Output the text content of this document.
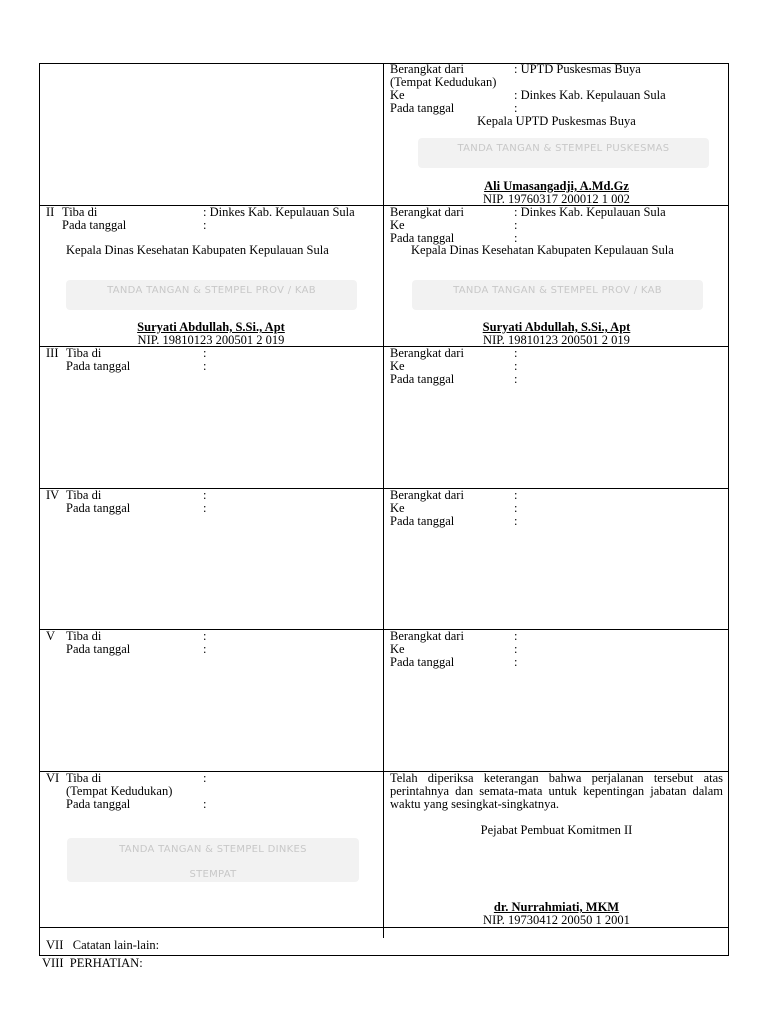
Berangkat dari	: UPTD Puskesmas Buya
(Tempat Kedudukan)
Ke	: Dinkes Kab. Kepulauan Sula
Pada tanggal	:
Kepala UPTD Puskesmas Buya
TANDA TANGAN & STEMPEL PUSKESMAS
Ali Umasangadji, A.Md.Gz
NIP. 19760317 200012 1 002
II Tiba di	: Dinkes Kab. Kepulauan Sula
Pada tanggal	:
Kepala Dinas Kesehatan Kabupaten Kepulauan Sula
TANDA TANGAN & STEMPEL PROV / KAB
Suryati Abdullah, S.Si., Apt
NIP. 19810123 200501 2 019
Berangkat dari	: Dinkes Kab. Kepulauan Sula
Ke	:
Pada tanggal	:
Kepala Dinas Kesehatan Kabupaten Kepulauan Sula
TANDA TANGAN & STEMPEL PROV / KAB
Suryati Abdullah, S.Si., Apt
NIP. 19810123 200501 2 019
III Tiba di	:
Pada tanggal	:
Berangkat dari	:
Ke	:
Pada tanggal	:
IV Tiba di	:
Pada tanggal	:
Berangkat dari	:
Ke	:
Pada tanggal	:
V Tiba di	:
Pada tanggal	:
Berangkat dari	:
Ke	:
Pada tanggal	:
VI Tiba di	:
(Tempat Kedudukan)
Pada tanggal	:
TANDA TANGAN & STEMPEL DINKES
STEMPAT
Telah diperiksa keterangan bahwa perjalanan tersebut atas perintahnya dan semata-mata untuk kepentingan jabatan dalam waktu yang sesingkat-singkatnya.
Pejabat Pembuat Komitmen II
dr. Nurrahmiati, MKM
NIP. 19730412 20050 1 2001
VII   Catatan lain-lain:
VIII  PERHATIAN:
